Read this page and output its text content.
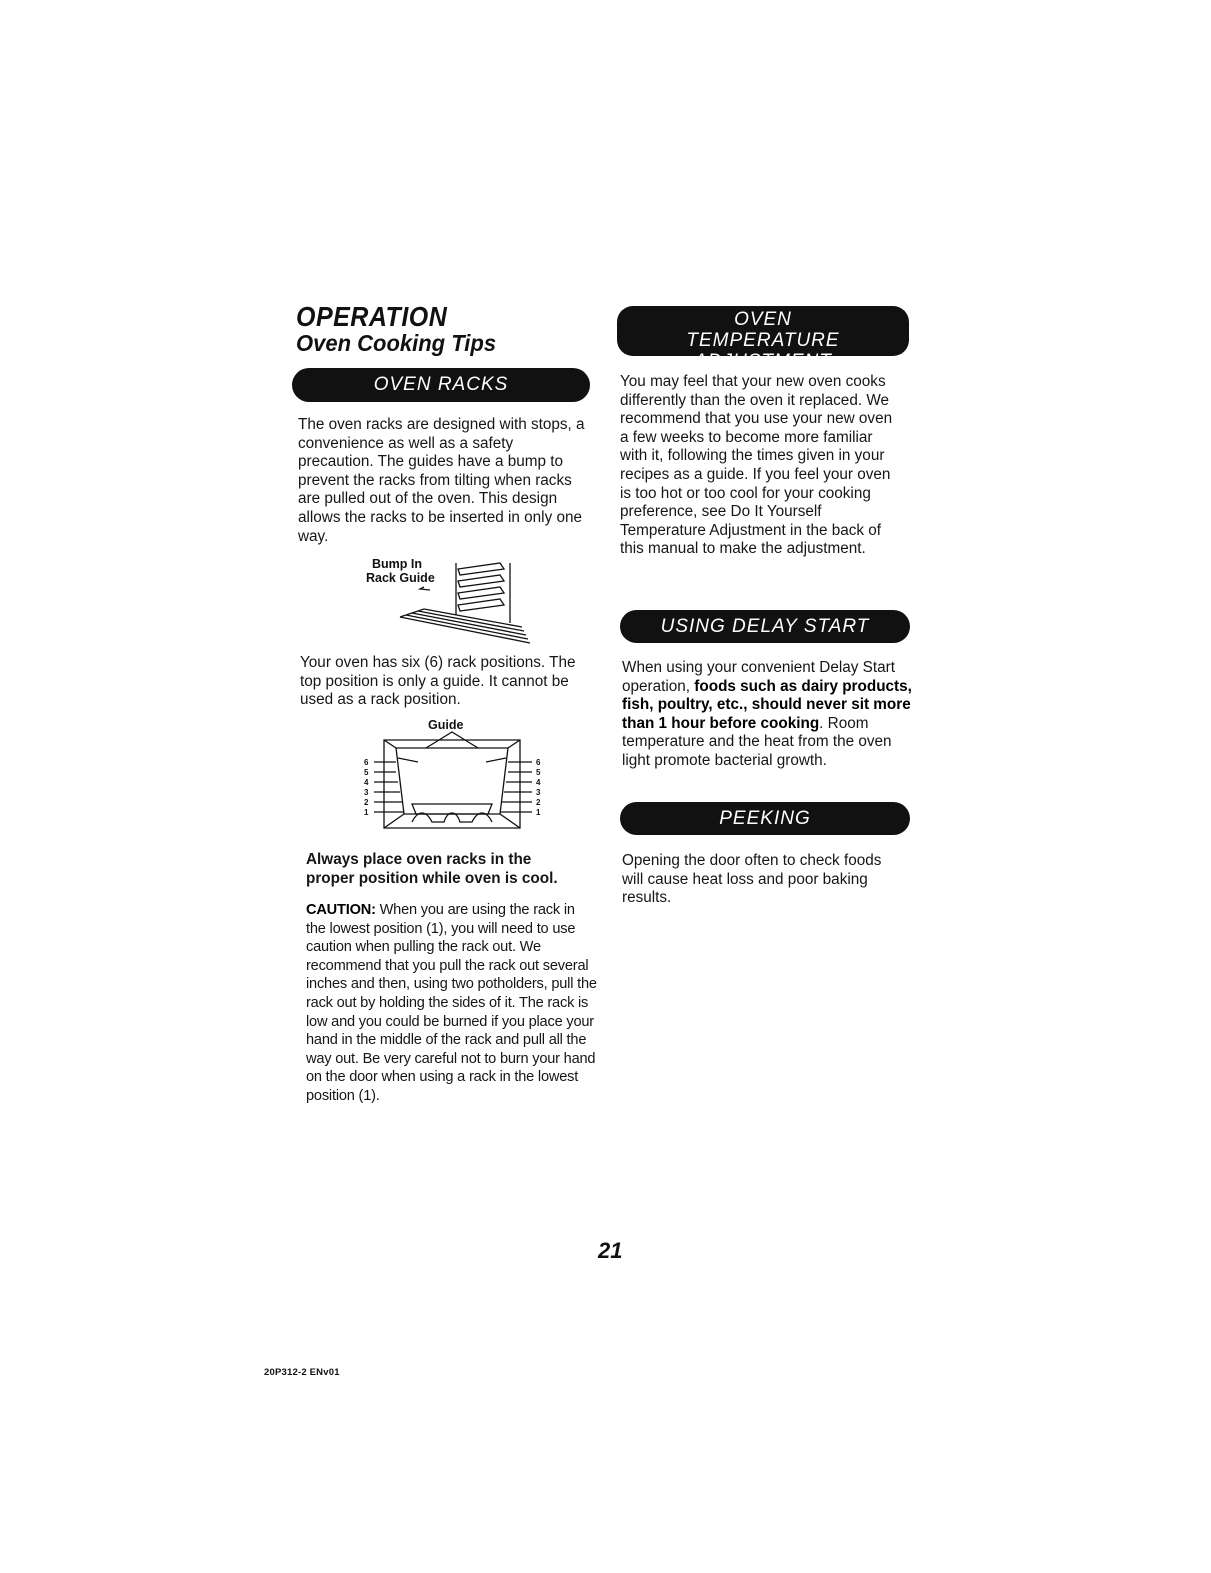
OPERATION
Oven Cooking Tips
OVEN RACKS
The oven racks are designed with stops, a convenience as well as a safety precaution. The guides have a bump to prevent the racks from tilting when racks are pulled out of the oven. This design allows the racks to be inserted in only one way.
Bump In
Rack Guide
Your oven has six (6) rack positions. The top position is only a guide. It cannot be used as a rack position.
Guide
6
5
4
3
2
1
6
5
4
3
2
1
Always place oven racks in the
proper position while oven is cool.
CAUTION: When you are using the rack in the lowest position (1), you will need to use caution when pulling the rack out. We recommend that you pull the rack out several inches and then, using two potholders, pull the rack out by holding the sides of it. The rack is low and you could be burned if you place your hand in the middle of the rack and pull all the way out. Be very careful not to burn your hand on the door when using a rack in the lowest position (1).
OVEN
TEMPERATURE ADJUSTMENT
You may feel that your new oven cooks differently than the oven it replaced. We recommend that you use your new oven a few weeks to become more familiar with it, following the times given in your recipes as a guide. If you feel your oven is too hot or too cool for your cooking preference, see Do It Yourself Temperature Adjustment in the back of this manual to make the adjustment.
USING DELAY START
When using your convenient Delay Start operation, foods such as dairy products, fish, poultry, etc., should never sit more than 1 hour before cooking. Room temperature and the heat from the oven light promote bacterial growth.
PEEKING
Opening the door often to check foods will cause heat loss and poor baking results.
21
20P312-2 ENv01
